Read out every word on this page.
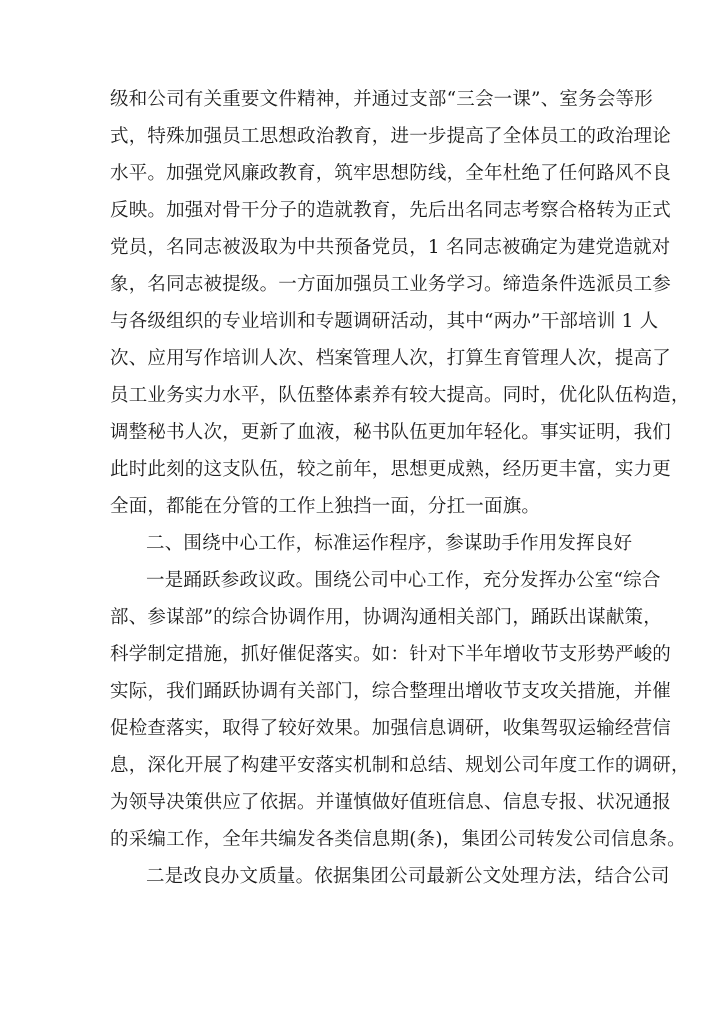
级和公司有关重要文件精神，并通过支部“三会一课”、室务会等形
式，特殊加强员工思想政治教育，进一步提高了全体员工的政治理论
水平。加强党风廉政教育，筑牢思想防线，全年杜绝了任何路风不良
反映。加强对骨干分子的造就教育，先后出名同志考察合格转为正式
党员，名同志被汲取为中共预备党员，1 名同志被确定为建党造就对
象，名同志被提级。一方面加强员工业务学习。缔造条件选派员工参
与各级组织的专业培训和专题调研活动，其中“两办”干部培训 1 人
次、应用写作培训人次、档案管理人次，打算生育管理人次，提高了
员工业务实力水平，队伍整体素养有较大提高。同时，优化队伍构造，
调整秘书人次，更新了血液，秘书队伍更加年轻化。事实证明，我们
此时此刻的这支队伍，较之前年，思想更成熟，经历更丰富，实力更
全面，都能在分管的工作上独挡一面，分扛一面旗。
二、围绕中心工作，标准运作程序，参谋助手作用发挥良好
一是踊跃参政议政。围绕公司中心工作，充分发挥办公室“综合
部、参谋部”的综合协调作用，协调沟通相关部门，踊跃出谋献策，
科学制定措施，抓好催促落实。如：针对下半年增收节支形势严峻的
实际，我们踊跃协调有关部门，综合整理出增收节支攻关措施，并催
促检查落实，取得了较好效果。加强信息调研，收集驾驭运输经营信
息，深化开展了构建平安落实机制和总结、规划公司年度工作的调研，
为领导决策供应了依据。并谨慎做好值班信息、信息专报、状况通报
的采编工作，全年共编发各类信息期(条)，集团公司转发公司信息条。
二是改良办文质量。依据集团公司最新公文处理方法，结合公司
